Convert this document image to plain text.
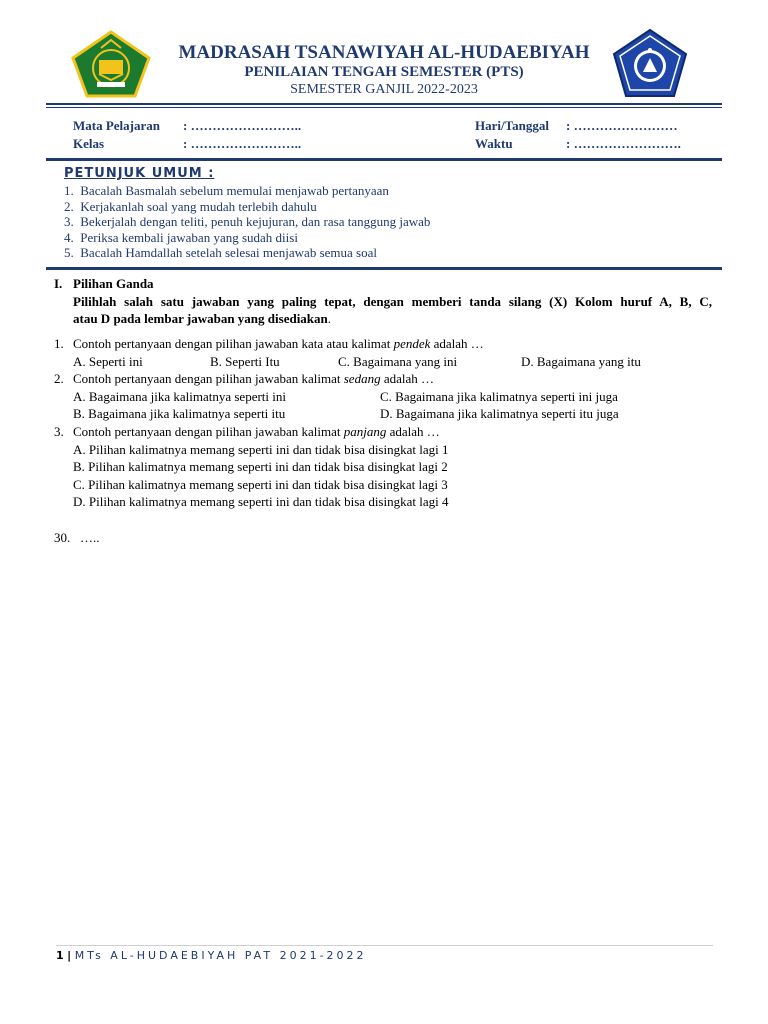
MADRASAH TSANAWIYAH AL-HUDAEBIYAH
PENILAIAN TENGAH SEMESTER (PTS)
SEMESTER GANJIL 2022-2023
Mata Pelajaran : ……………………..
Kelas	: ……………………..
Hari/Tanggal : ……………………
Waktu	: …………………….
PETUNJUK UMUM :
1. Bacalah Basmalah sebelum memulai menjawab pertanyaan
2. Kerjakanlah soal yang mudah terlebih dahulu
3. Bekerjalah dengan teliti, penuh kejujuran, dan rasa tanggung jawab
4. Periksa kembali jawaban yang sudah diisi
5. Bacalah Hamdallah setelah selesai menjawab semua soal
I. Pilihan Ganda
Pilihlah salah satu jawaban yang paling tepat, dengan memberi tanda silang (X) Kolom huruf A, B, C,
atau D pada lembar jawaban yang disediakan.
1. Contoh pertanyaan dengan pilihan jawaban kata atau kalimat pendek adalah …
A. Seperti ini	B. Seperti Itu	C. Bagaimana yang ini	D. Bagaimana yang itu
2. Contoh pertanyaan dengan pilihan jawaban kalimat sedang adalah …
A. Bagaimana jika kalimatnya seperti ini
B. Bagaimana jika kalimatnya seperti itu
C. Bagaimana jika kalimatnya seperti ini juga
D. Bagaimana jika kalimatnya seperti itu juga
3. Contoh pertanyaan dengan pilihan jawaban kalimat panjang adalah …
A. Pilihan kalimatnya memang seperti ini dan tidak bisa disingkat lagi 1
B. Pilihan kalimatnya memang seperti ini dan tidak bisa disingkat lagi 2
C. Pilihan kalimatnya memang seperti ini dan tidak bisa disingkat lagi 3
D. Pilihan kalimatnya memang seperti ini dan tidak bisa disingkat lagi 4
30. …..
1 | MTs AL-HUDAEBIYAH PAT 2021-2022
